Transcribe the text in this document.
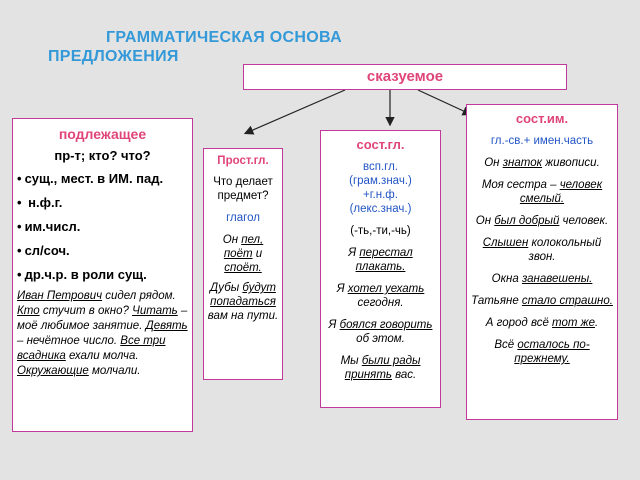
ГРАММАТИЧЕСКАЯ ОСНОВА
ПРЕДЛОЖЕНИЯ
сказуемое
подлежащее
пр-т; кто? что?
• сущ., мест. в ИМ. пад.
• н.ф.г.
• им.числ.
• сл/соч.
• др.ч.р. в роли сущ.
Иван Петрович сидел рядом. Кто стучит в окно? Читать – моё любимое занятие. Девять – нечётное число. Все три всадника ехали молча. Окружающие молчали.
Прост.гл.
Что делает предмет?
глагол
Он пел, поёт и споёт.
Дубы будут попадаться вам на пути.
сост.гл.
всп.гл.
(грам.знач.)
+г.н.ф.
(лекс.знач.)
(-ть,-ти,-чь)
Я перестал плакать.
Я хотел уехать сегодня.
Я боялся говорить об этом.
Мы были рады принять вас.
сост.им.
гл.-св.+ имен.часть
Он знаток живописи.
Моя сестра – человек смелый.
Он был добрый человек.
Слышен колокольный звон.
Окна занавешены.
Татьяне стало страшно.
А город всё тот же.
Всё осталось по-прежнему.
